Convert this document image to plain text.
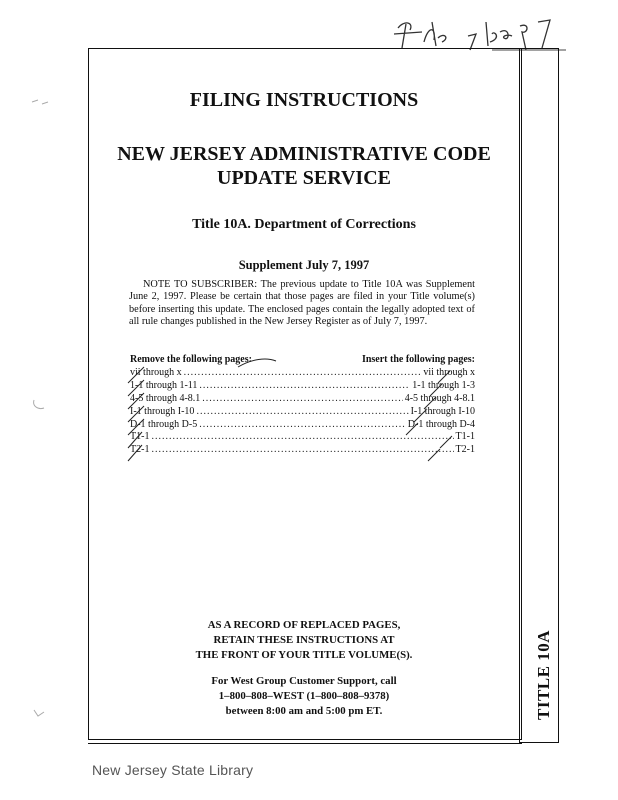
TITLE 10A
FILING INSTRUCTIONS
NEW JERSEY ADMINISTRATIVE CODE
UPDATE SERVICE
Title 10A. Department of Corrections
Supplement July 7, 1997
NOTE TO SUBSCRIBER: The previous update to Title 10A was Supplement June 2, 1997. Please be certain that those pages are filed in your Title volume(s) before inserting this update. The enclosed pages contain the legally adopted text of all rule changes published in the New Jersey Register as of July 7, 1997.
Remove the following pages:	Insert the following pages:
vii through x .....	vii through x
1-1 through 1-11 .....	1-1 through 1-3
4-5 through 4-8.1 .....	4-5 through 4-8.1
I-1 through I-10 .....	I-1 through I-10
D-1 through D-5 .....	D-1 through D-4
T1-1 .....	T1-1
T2-1 .....	T2-1
AS A RECORD OF REPLACED PAGES,
RETAIN THESE INSTRUCTIONS AT
THE FRONT OF YOUR TITLE VOLUME(S).
For West Group Customer Support, call
1–800–808–WEST (1–800–808–9378)
between 8:00 am and 5:00 pm ET.
New Jersey State Library
